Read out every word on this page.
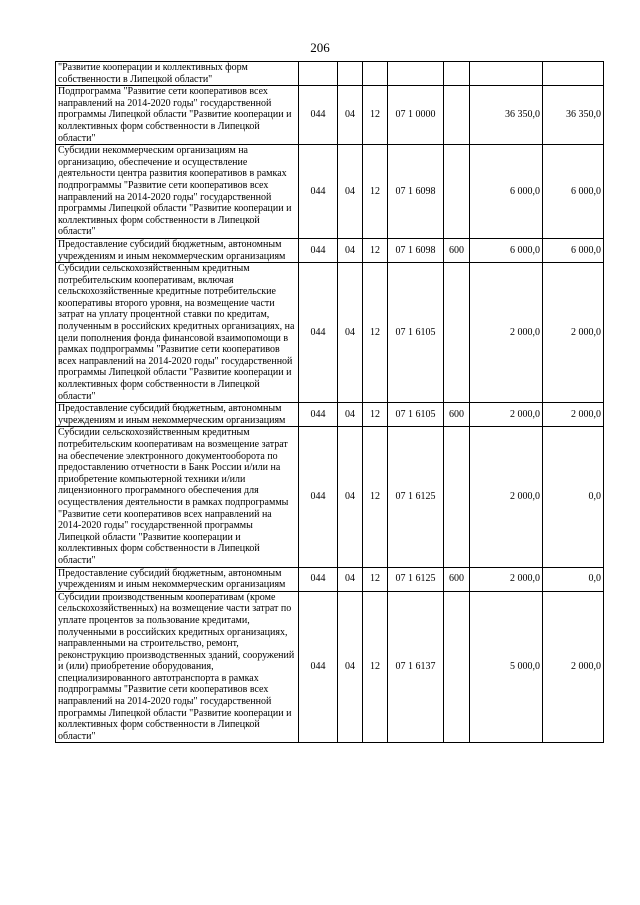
206
"Развитие кооперации и коллективных форм собственности в Липецкой области"							
Подпрограмма "Развитие сети кооперативов всех направлений на 2014-2020 годы" государственной программы Липецкой области "Развитие кооперации и коллективных форм собственности в Липецкой области"	044	04	12	07 1 0000		36 350,0	36 350,0
Субсидии некоммерческим организациям на организацию, обеспечение и осуществление деятельности центра развития кооперативов в рамках подпрограммы "Развитие сети кооперативов всех направлений на 2014-2020 годы" государственной программы Липецкой области "Развитие кооперации и коллективных форм собственности в Липецкой области"	044	04	12	07 1 6098		6 000,0	6 000,0
Предоставление субсидий бюджетным, автономным учреждениям и иным некоммерческим организациям	044	04	12	07 1 6098	600	6 000,0	6 000,0
Субсидии сельскохозяйственным кредитным потребительским кооперативам, включая сельскохозяйственные кредитные потребительские кооперативы второго уровня, на возмещение части затрат на уплату процентной ставки по кредитам, полученным в российских кредитных организациях, на цели пополнения фонда финансовой взаимопомощи в рамках подпрограммы "Развитие сети кооперативов всех направлений на 2014-2020 годы" государственной программы Липецкой области "Развитие кооперации и коллективных форм собственности в Липецкой области"	044	04	12	07 1 6105		2 000,0	2 000,0
Предоставление субсидий бюджетным, автономным учреждениям и иным некоммерческим организациям	044	04	12	07 1 6105	600	2 000,0	2 000,0
Субсидии сельскохозяйственным кредитным потребительским кооперативам на возмещение затрат на обеспечение электронного документооборота по предоставлению отчетности в Банк России и/или на приобретение компьютерной техники и/или лицензионного программного обеспечения для осуществления деятельности в рамках подпрограммы "Развитие сети кооперативов всех направлений на 2014-2020 годы" государственной программы Липецкой области "Развитие кооперации и коллективных форм собственности в Липецкой области"	044	04	12	07 1 6125		2 000,0	0,0
Предоставление субсидий бюджетным, автономным учреждениям и иным некоммерческим организациям	044	04	12	07 1 6125	600	2 000,0	0,0
Субсидии производственным кооперативам (кроме сельскохозяйственных) на возмещение части затрат по уплате процентов за пользование кредитами, полученными в российских кредитных организациях, направленными на строительство, ремонт, реконструкцию производственных зданий, сооружений и (или) приобретение оборудования, специализированного автотранспорта в рамках подпрограммы "Развитие сети кооперативов всех направлений на 2014-2020 годы" государственной программы Липецкой области "Развитие кооперации и коллективных форм собственности в Липецкой области"	044	04	12	07 1 6137		5 000,0	2 000,0
